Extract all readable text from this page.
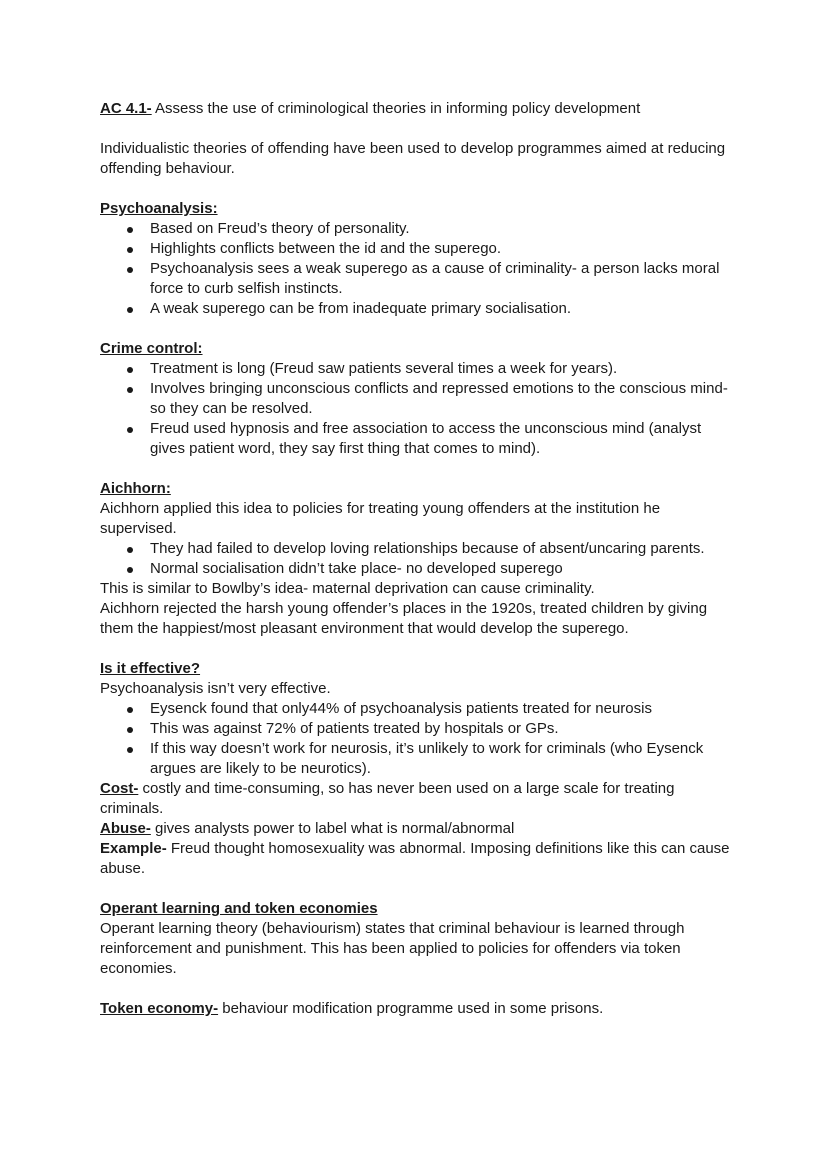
AC 4.1- Assess the use of criminological theories in informing policy development

Individualistic theories of offending have been used to develop programmes aimed at reducing offending behaviour.

Psychoanalysis:

Based on Freud’s theory of personality.
Highlights conflicts between the id and the superego.
Psychoanalysis sees a weak superego as a cause of criminality- a person lacks moral force to curb selfish instincts.
A weak superego can be from inadequate primary socialisation.

Crime control:

Treatment is long (Freud saw patients several times a week for years).
Involves bringing unconscious conflicts and repressed emotions to the conscious mind- so they can be resolved.
Freud used hypnosis and free association to access the unconscious mind (analyst gives patient word, they say first thing that comes to mind).

Aichhorn:

Aichhorn applied this idea to policies for treating young offenders at the institution he supervised.

They had failed to develop loving relationships because of absent/uncaring parents.
Normal socialisation didn’t take place- no developed superego

This is similar to Bowlby’s idea- maternal deprivation can cause criminality.

Aichhorn rejected the harsh young offender’s places in the 1920s, treated children by giving them the happiest/most pleasant environment that would develop the superego.

Is it effective?

Psychoanalysis isn’t very effective.

Eysenck found that only44% of psychoanalysis patients treated for neurosis
This was against 72% of patients treated by hospitals or GPs.
If this way doesn’t work for neurosis, it’s unlikely to work for criminals (who Eysenck argues are likely to be neurotics).

Cost- costly and time-consuming, so has never been used on a large scale for treating criminals.

Abuse- gives analysts power to label what is normal/abnormal

Example- Freud thought homosexuality was abnormal. Imposing definitions like this can cause abuse.

Operant learning and token economies

Operant learning theory (behaviourism) states that criminal behaviour is learned through reinforcement and punishment. This has been applied to policies for offenders via token economies.

Token economy- behaviour modification programme used in some prisons.
